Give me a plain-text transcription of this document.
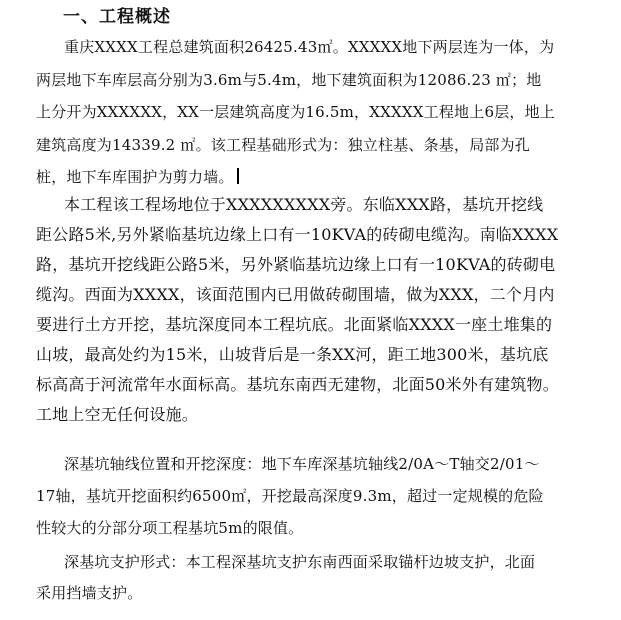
一、工程概述
重庆XXXX工程总建筑面积26425.43㎡。XXXXX地下两层连为一体，为
两层地下车库层高分别为3.6m与5.4m，地下建筑面积为12086.23 ㎡；地
上分开为XXXXXX，XX一层建筑高度为16.5m，XXXXX工程地上6层，地上
建筑高度为14339.2 ㎡。该工程基础形式为：独立柱基、条基，局部为孔
桩，地下车库围护为剪力墙。
本工程该工程场地位于XXXXXXXXX旁。东临XXX路，基坑开挖线
距公路5米,另外紧临基坑边缘上口有一10KVA的砖砌电缆沟。南临XXXX
路，基坑开挖线距公路5米，另外紧临基坑边缘上口有一10KVA的砖砌电
缆沟。西面为XXXX，该面范围内已用做砖砌围墙，做为XXX，二个月内
要进行土方开挖，基坑深度同本工程坑底。北面紧临XXXX一座土堆集的
山坡，最高处约为15米，山坡背后是一条XX河，距工地300米，基坑底
标高高于河流常年水面标高。基坑东南西无建物，北面50米外有建筑物。
工地上空无任何设施。
深基坑轴线位置和开挖深度：地下车库深基坑轴线2/0A～T轴交2/01～
17轴，基坑开挖面积约6500㎡，开挖最高深度9.3m，超过一定规模的危险
性较大的分部分项工程基坑5m的限值。
深基坑支护形式：本工程深基坑支护东南西面采取锚杆边坡支护，北面
采用挡墙支护。
